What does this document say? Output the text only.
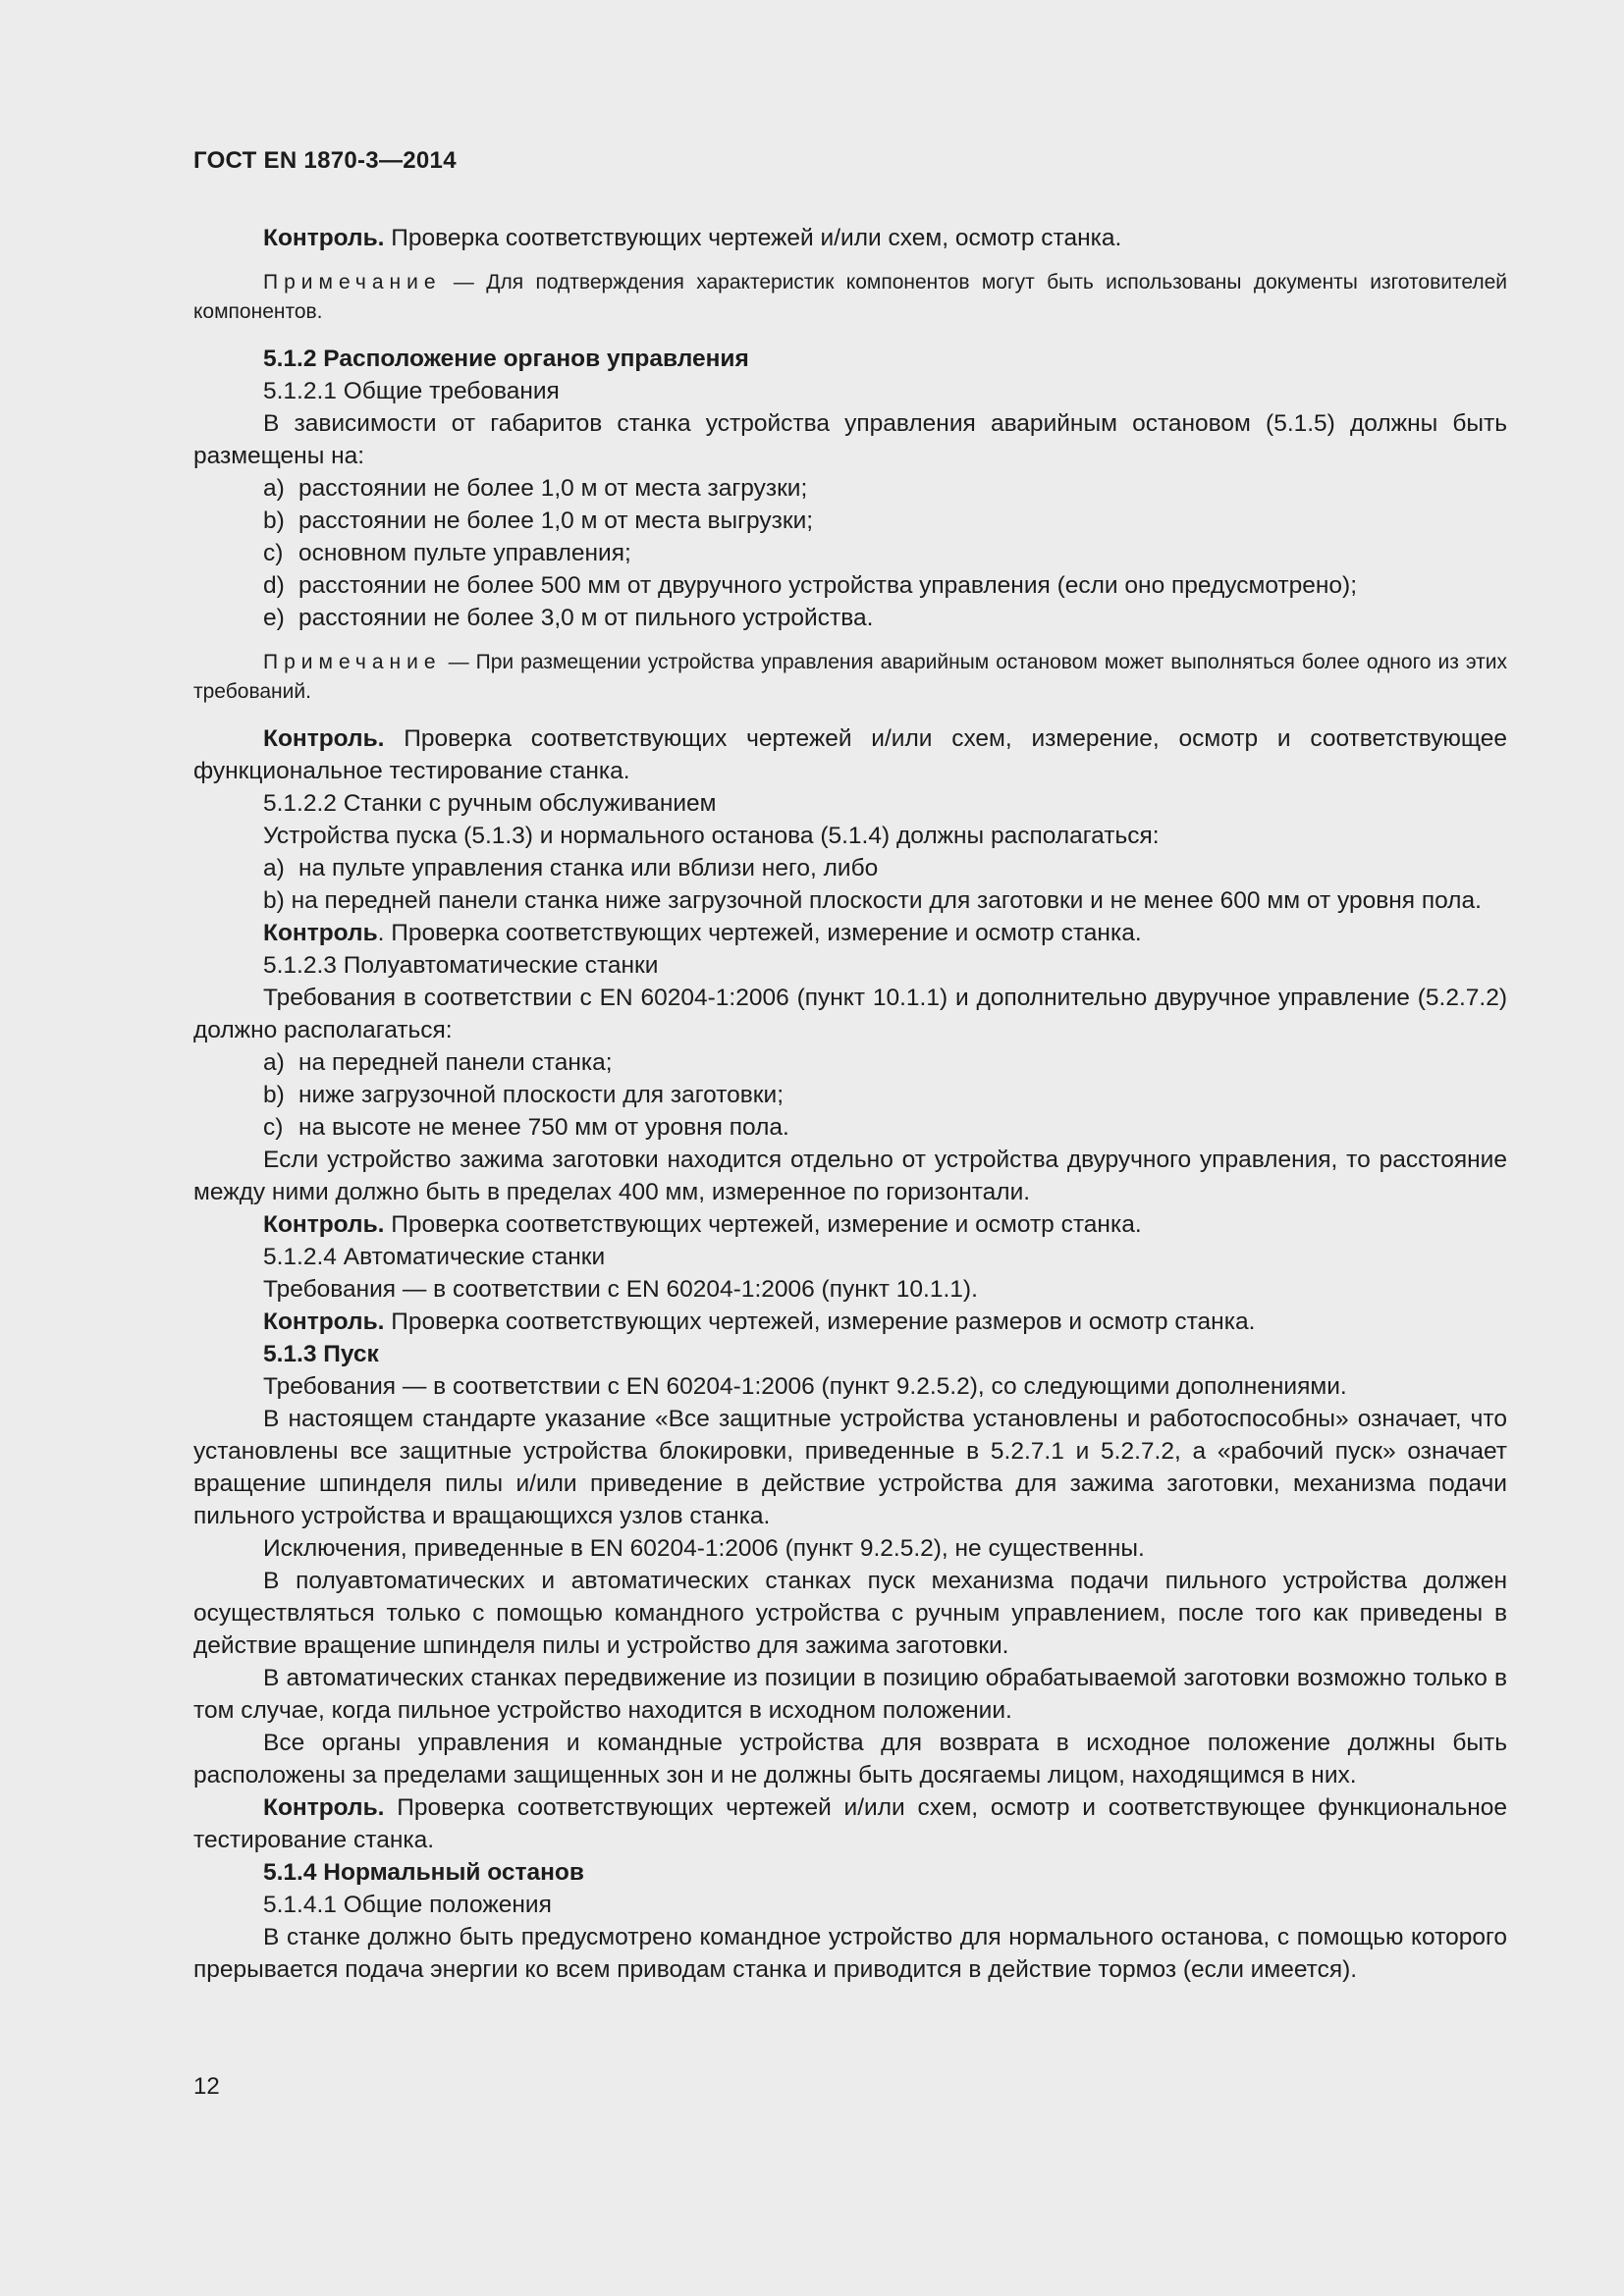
ГОСТ EN 1870-3—2014

Контроль. Проверка соответствующих чертежей и/или схем, осмотр станка.

Примечание — Для подтверждения характеристик компонентов могут быть использованы документы изготовителей компонентов.

5.1.2 Расположение органов управления

5.1.2.1 Общие требования

В зависимости от габаритов станка устройства управления аварийным остановом (5.1.5) должны быть размещены на:

a) расстоянии не более 1,0 м от места загрузки;

b) расстоянии не более 1,0 м от места выгрузки;

c) основном пульте управления;

d) расстоянии не более 500 мм от двуручного устройства управления (если оно предусмотрено);

e) расстоянии не более 3,0 м от пильного устройства.

Примечание — При размещении устройства управления аварийным остановом может выполняться более одного из этих требований.

Контроль. Проверка соответствующих чертежей и/или схем, измерение, осмотр и соответствующее функциональное тестирование станка.

5.1.2.2 Станки с ручным обслуживанием

Устройства пуска (5.1.3) и нормального останова (5.1.4) должны располагаться:

a) на пульте управления станка или вблизи него, либо

b) на передней панели станка ниже загрузочной плоскости для заготовки и не менее 600 мм от уровня пола.

Контроль. Проверка соответствующих чертежей, измерение и осмотр станка.

5.1.2.3 Полуавтоматические станки

Требования в соответствии с EN 60204-1:2006 (пункт 10.1.1) и дополнительно двуручное управление (5.2.7.2) должно располагаться:

a) на передней панели станка;

b) ниже загрузочной плоскости для заготовки;

c) на высоте не менее 750 мм от уровня пола.

Если устройство зажима заготовки находится отдельно от устройства двуручного управления, то расстояние между ними должно быть в пределах 400 мм, измеренное по горизонтали.

Контроль. Проверка соответствующих чертежей, измерение и осмотр станка.

5.1.2.4 Автоматические станки

Требования — в соответствии с EN 60204-1:2006 (пункт 10.1.1).

Контроль. Проверка соответствующих чертежей, измерение размеров и осмотр станка.

5.1.3 Пуск

Требования — в соответствии с EN 60204-1:2006 (пункт 9.2.5.2), со следующими дополнениями.

В настоящем стандарте указание «Все защитные устройства установлены и работоспособны» означает, что установлены все защитные устройства блокировки, приведенные в 5.2.7.1 и 5.2.7.2, а «рабочий пуск» означает вращение шпинделя пилы и/или приведение в действие устройства для зажима заготовки, механизма подачи пильного устройства и вращающихся узлов станка.

Исключения, приведенные в EN 60204-1:2006 (пункт 9.2.5.2), не существенны.

В полуавтоматических и автоматических станках пуск механизма подачи пильного устройства должен осуществляться только с помощью командного устройства с ручным управлением, после того как приведены в действие вращение шпинделя пилы и устройство для зажима заготовки.

В автоматических станках передвижение из позиции в позицию обрабатываемой заготовки возможно только в том случае, когда пильное устройство находится в исходном положении.

Все органы управления и командные устройства для возврата в исходное положение должны быть расположены за пределами защищенных зон и не должны быть досягаемы лицом, находящимся в них.

Контроль. Проверка соответствующих чертежей и/или схем, осмотр и соответствующее функциональное тестирование станка.

5.1.4 Нормальный останов

5.1.4.1 Общие положения

В станке должно быть предусмотрено командное устройство для нормального останова, с помощью которого прерывается подача энергии ко всем приводам станка и приводится в действие тормоз (если имеется).

12
